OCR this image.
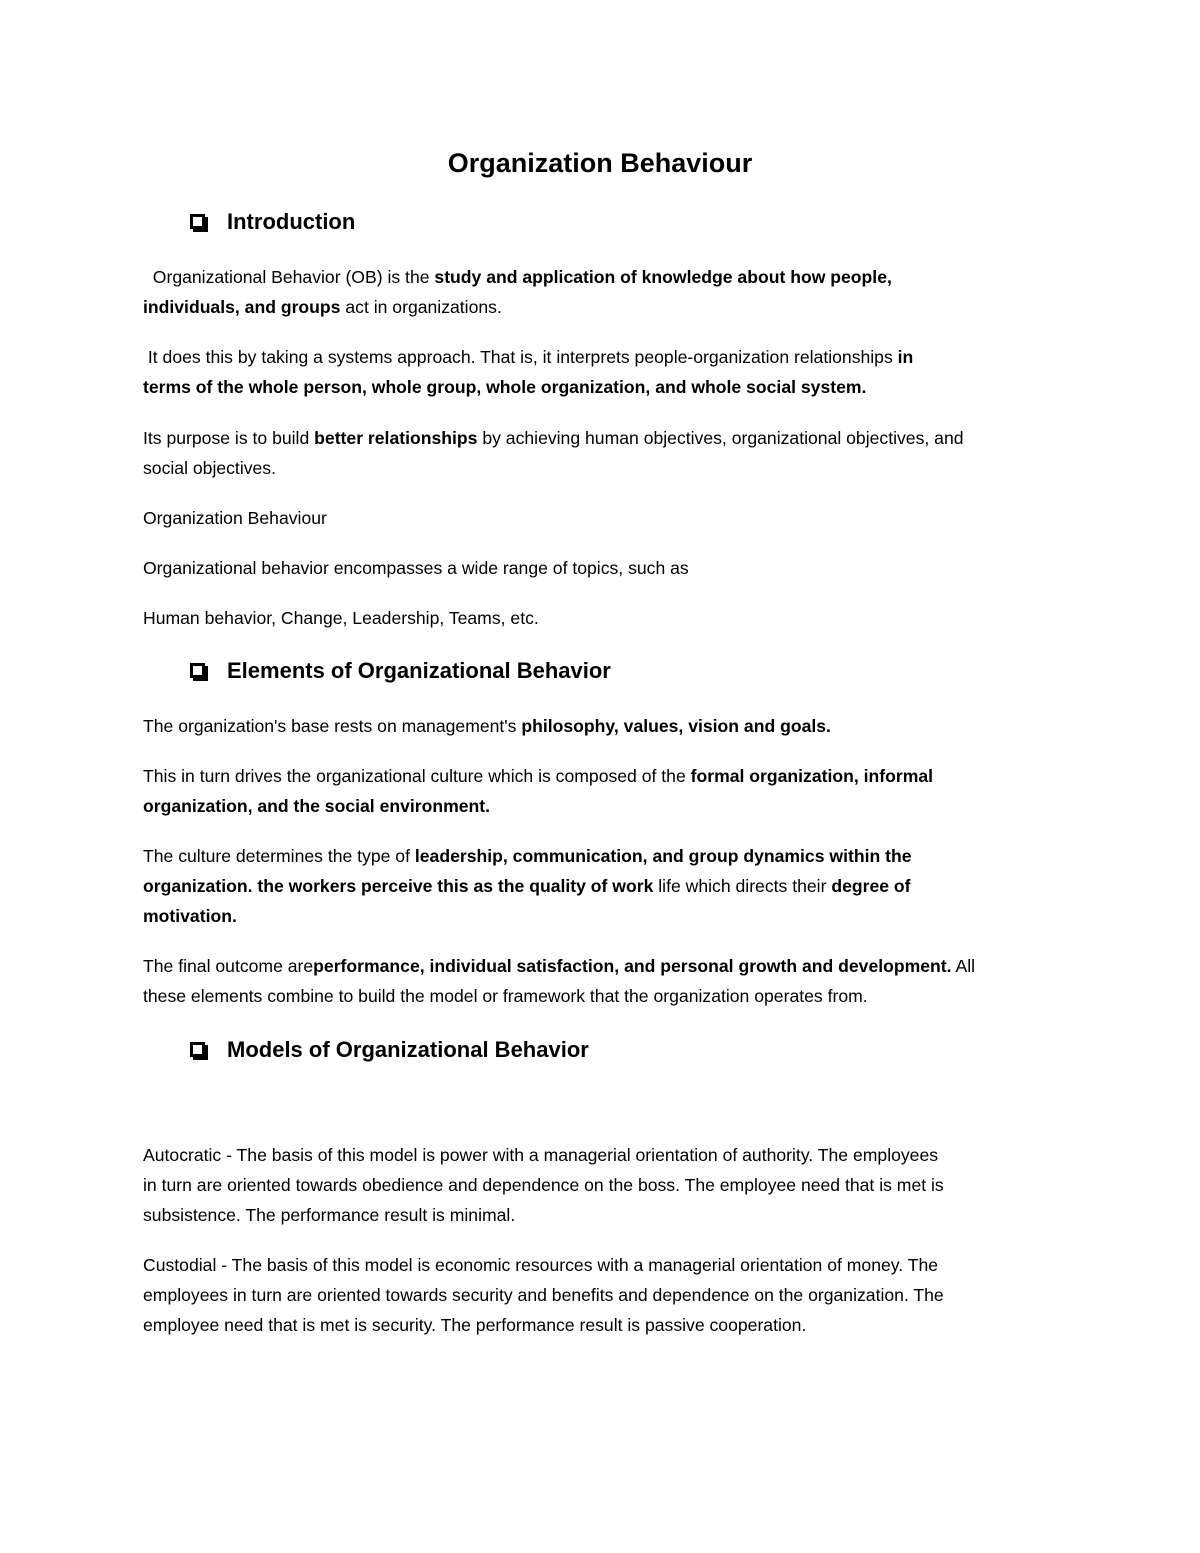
Organization Behaviour
Introduction
Organizational Behavior (OB) is the study and application of knowledge about how people,
individuals, and groups act in organizations.
It does this by taking a systems approach. That is, it interprets people-organization relationships in
terms of the whole person, whole group, whole organization, and whole social system.
Its purpose is to build better relationships by achieving human objectives, organizational objectives, and
social objectives.
Organization Behaviour
Organizational behavior encompasses a wide range of topics, such as
Human behavior, Change, Leadership, Teams, etc.
Elements of Organizational Behavior
The organization's base rests on management's philosophy, values, vision and goals.
This in turn drives the organizational culture which is composed of the formal organization, informal
organization, and the social environment.
The culture determines the type of leadership, communication, and group dynamics within the
organization. the workers perceive this as the quality of work life which directs their degree of
motivation.
The final outcome areperformance, individual satisfaction, and personal growth and development. All
these elements combine to build the model or framework that the organization operates from.
Models of Organizational Behavior
Autocratic - The basis of this model is power with a managerial orientation of authority. The employees
in turn are oriented towards obedience and dependence on the boss. The employee need that is met is
subsistence. The performance result is minimal.
Custodial - The basis of this model is economic resources with a managerial orientation of money. The
employees in turn are oriented towards security and benefits and dependence on the organization. The
employee need that is met is security. The performance result is passive cooperation.
